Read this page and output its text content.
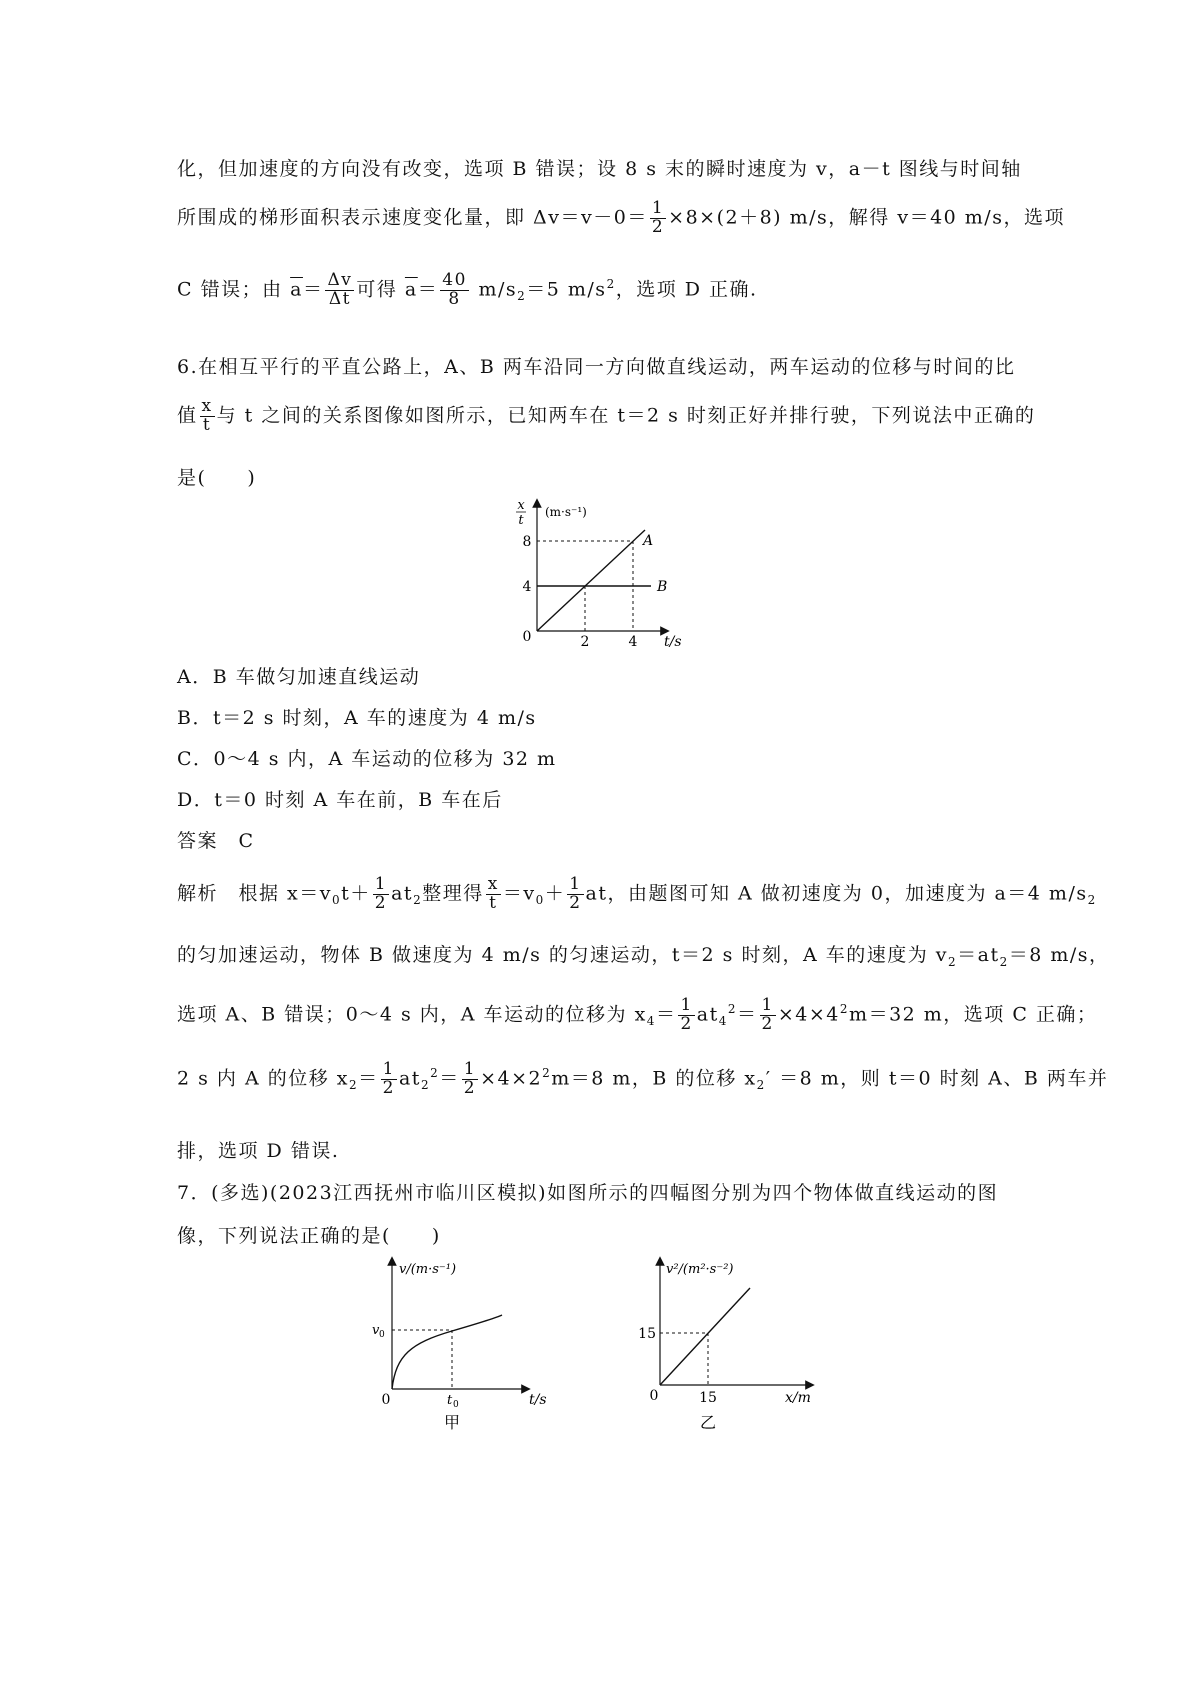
化，但加速度的方向没有改变，选项 B 错误；设 8 s 末的瞬时速度为 v，a－t 图线与时间轴
所围成的梯形面积表示速度变化量，即 $\Delta v=v-0= \frac{1}{2} \times 8\times(2+8)$ m/s，解得 v＝40 m/s，选项
C 错误；由 $\overline{a}= \frac{\Delta v}{\Delta t}$ 可得 $\overline{a}= \frac{40}{8} m/s_2=5$ $m/s^2$，选项 D 正确.
6.在相互平行的平直公路上，A、B 两车沿同一方向做直线运动，两车运动的位移与时间的比
值 $\frac{x}{t}$ 与 t 之间的关系图像如图所示，已知两车在 t＝2 s 时刻正好并排行驶，下列说法中正确的
是(　　)
x
t
(m·s⁻¹)
8
4
0	2	4 t/s
A
B
A．B 车做匀加速直线运动
B．t＝2 s 时刻，A 车的速度为 4 m/s
C．0～4 s 内，A 车运动的位移为 32 m
D．t＝0 时刻 A 车在前，B 车在后
答案　C
解析　根据 $x=v_0t+ \frac{1}{2} at_2$整理得 $\frac{x}{t} =v_0+ \frac{1}{2}$ at，由题图可知 A 做初速度为 0，加速度为 a＝4 $m/s_2$
的匀加速运动，物体 B 做速度为 4 m/s 的匀速运动，t＝2 s 时刻，A 车的速度为 $v_2=at_2=8$ m/s，
选项 A、B 错误；0～4 s 内，A 车运动的位移为 $x_4= \frac{1}{2} at_4^2= \frac{1}{2} \times 4\times 4^2m=32$ m，选项 C 正确；
2 s 内 A 的位移 $x_2= \frac{1}{2} at_2^2= \frac{1}{2} \times 4\times 2^2m=8$ m，B 的位移 $x_2' =8$ m，则 t＝0 时刻 A、B 两车并
排，选项 D 错误.
7．(多选)(2023江西抚州市临川区模拟)如图所示的四幅图分别为四个物体做直线运动的图
像，下列说法正确的是(　　)
v/(m·s⁻¹)
v 0
0	t 0	t/s
甲
v²/(m²·s⁻²)
15
0	15	x/m
乙
